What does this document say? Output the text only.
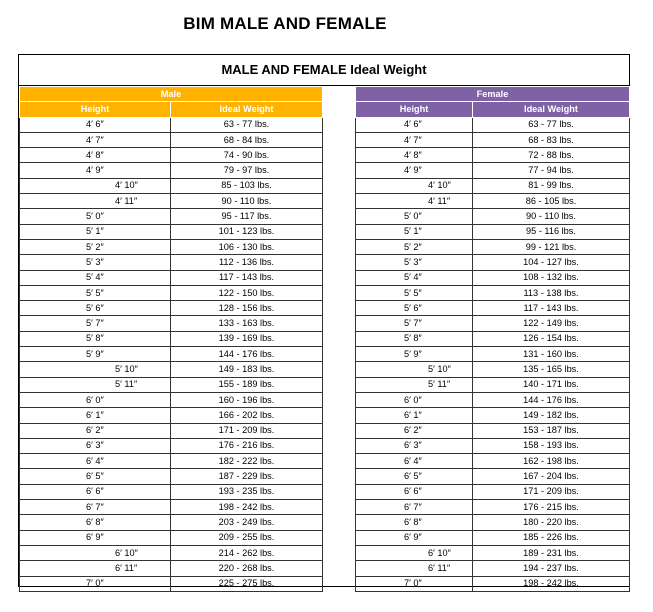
BIM MALE AND FEMALE
MALE AND FEMALE Ideal Weight
Male	
Height	Ideal Weight
4′ 6″	63 - 77 lbs.
4′ 7″	68 - 84 lbs.
4′ 8″	74 - 90 lbs.
4′ 9″	79 - 97 lbs.
4′ 10″	85 - 103 lbs.
4′ 11″	90 - 110 lbs.
5′ 0″	95 - 117 lbs.
5′ 1″	101 - 123 lbs.
5′ 2″	106 - 130 lbs.
5′ 3″	112 - 136 lbs.
5′ 4″	117 - 143 lbs.
5′ 5″	122 - 150 lbs.
5′ 6″	128 - 156 lbs.
5′ 7″	133 - 163 lbs.
5′ 8″	139 - 169 lbs.
5′ 9″	144 - 176 lbs.
5′ 10″	149 - 183 lbs.
5′ 11″	155 - 189 lbs.
6′ 0″	160 - 196 lbs.
6′ 1″	166 - 202 lbs.
6′ 2″	171 - 209 lbs.
6′ 3″	176 - 216 lbs.
6′ 4″	182 - 222 lbs.
6′ 5″	187 - 229 lbs.
6′ 6″	193 - 235 lbs.
6′ 7″	198 - 242 lbs.
6′ 8″	203 - 249 lbs.
6′ 9″	209 - 255 lbs.
6′ 10″	214 - 262 lbs.
6′ 11″	220 - 268 lbs.
7′ 0″	225 - 275 lbs.
Female	
Height	Ideal Weight
4′ 6″	63 - 77 lbs.
4′ 7″	68 - 83 lbs.
4′ 8″	72 - 88 lbs.
4′ 9″	77 - 94 lbs.
4′ 10″	81 - 99 lbs.
4′ 11″	86 - 105 lbs.
5′ 0″	90 - 110 lbs.
5′ 1″	95 - 116 lbs.
5′ 2″	99 - 121 lbs.
5′ 3″	104 - 127 lbs.
5′ 4″	108 - 132 lbs.
5′ 5″	113 - 138 lbs.
5′ 6″	117 - 143 lbs.
5′ 7″	122 - 149 lbs.
5′ 8″	126 - 154 lbs.
5′ 9″	131 - 160 lbs.
5′ 10″	135 - 165 lbs.
5′ 11″	140 - 171 lbs.
6′ 0″	144 - 176 lbs.
6′ 1″	149 - 182 lbs.
6′ 2″	153 - 187 lbs.
6′ 3″	158 - 193 lbs.
6′ 4″	162 - 198 lbs.
6′ 5″	167 - 204 lbs.
6′ 6″	171 - 209 lbs.
6′ 7″	176 - 215 lbs.
6′ 8″	180 - 220 lbs.
6′ 9″	185 - 226 lbs.
6′ 10″	189 - 231 lbs.
6′ 11″	194 - 237 lbs.
7′ 0″	198 - 242 lbs.
